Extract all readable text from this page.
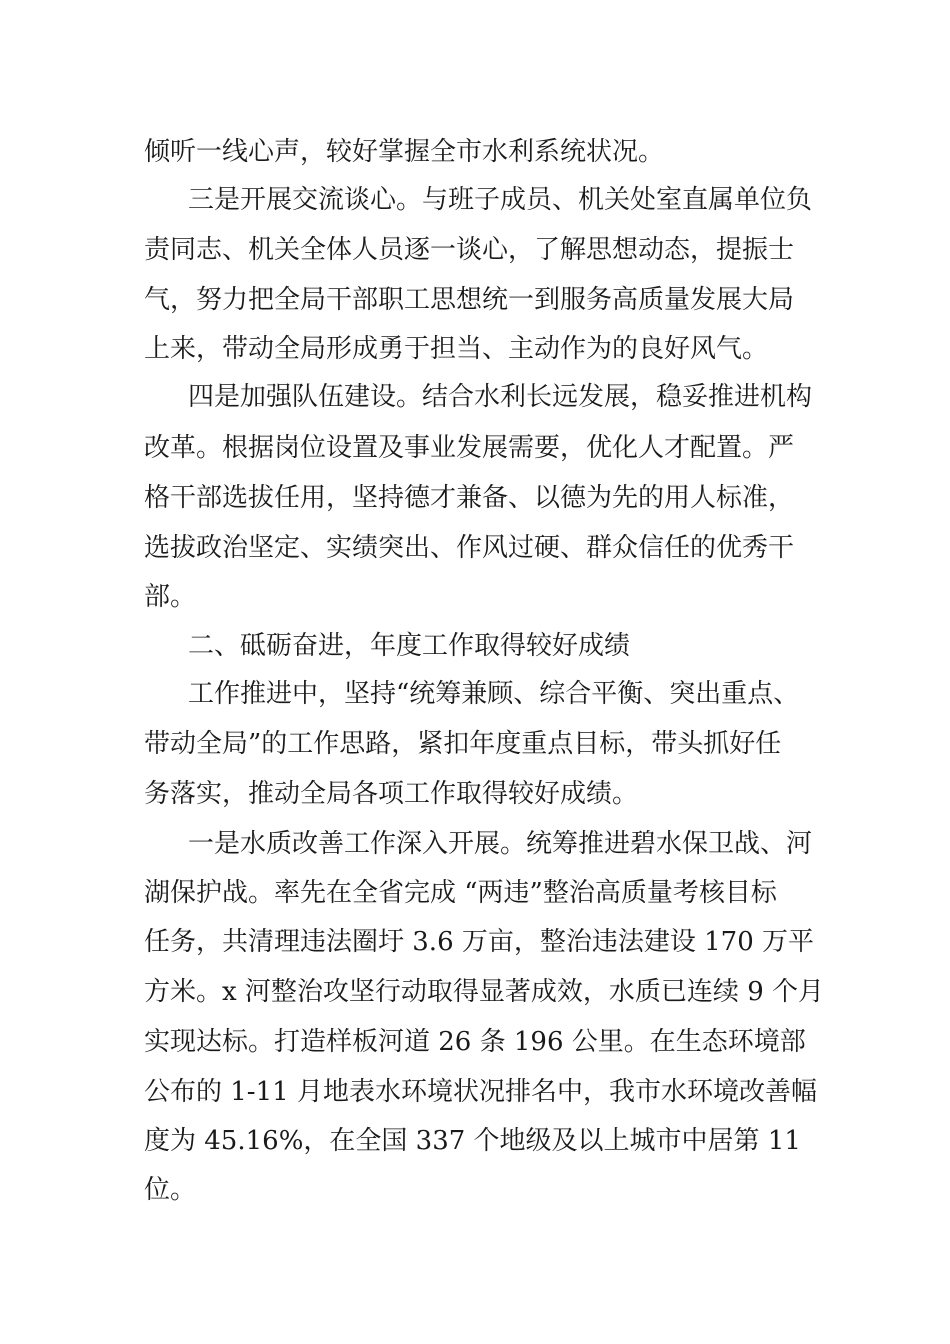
倾听一线心声，较好掌握全市水利系统状况。

三是开展交流谈心。与班子成员、机关处室直属单位负

责同志、机关全体人员逐一谈心，了解思想动态，提振士

气，努力把全局干部职工思想统一到服务高质量发展大局

上来，带动全局形成勇于担当、主动作为的良好风气。

四是加强队伍建设。结合水利长远发展，稳妥推进机构

改革。根据岗位设置及事业发展需要，优化人才配置。严

格干部选拔任用，坚持德才兼备、以德为先的用人标准，

选拔政治坚定、实绩突出、作风过硬、群众信任的优秀干

部。

二、砥砺奋进，年度工作取得较好成绩

工作推进中，坚持“统筹兼顾、综合平衡、突出重点、

带动全局”的工作思路，紧扣年度重点目标，带头抓好任

务落实，推动全局各项工作取得较好成绩。

一是水质改善工作深入开展。统筹推进碧水保卫战、河

湖保护战。率先在全省完成 “两违”整治高质量考核目标

任务，共清理违法圈圩 3.6 万亩，整治违法建设 170 万平

方米。x 河整治攻坚行动取得显著成效，水质已连续 9 个月

实现达标。打造样板河道 26 条 196 公里。在生态环境部

公布的 1-11 月地表水环境状况排名中，我市水环境改善幅

度为 45.16%，在全国 337 个地级及以上城市中居第 11

位。
